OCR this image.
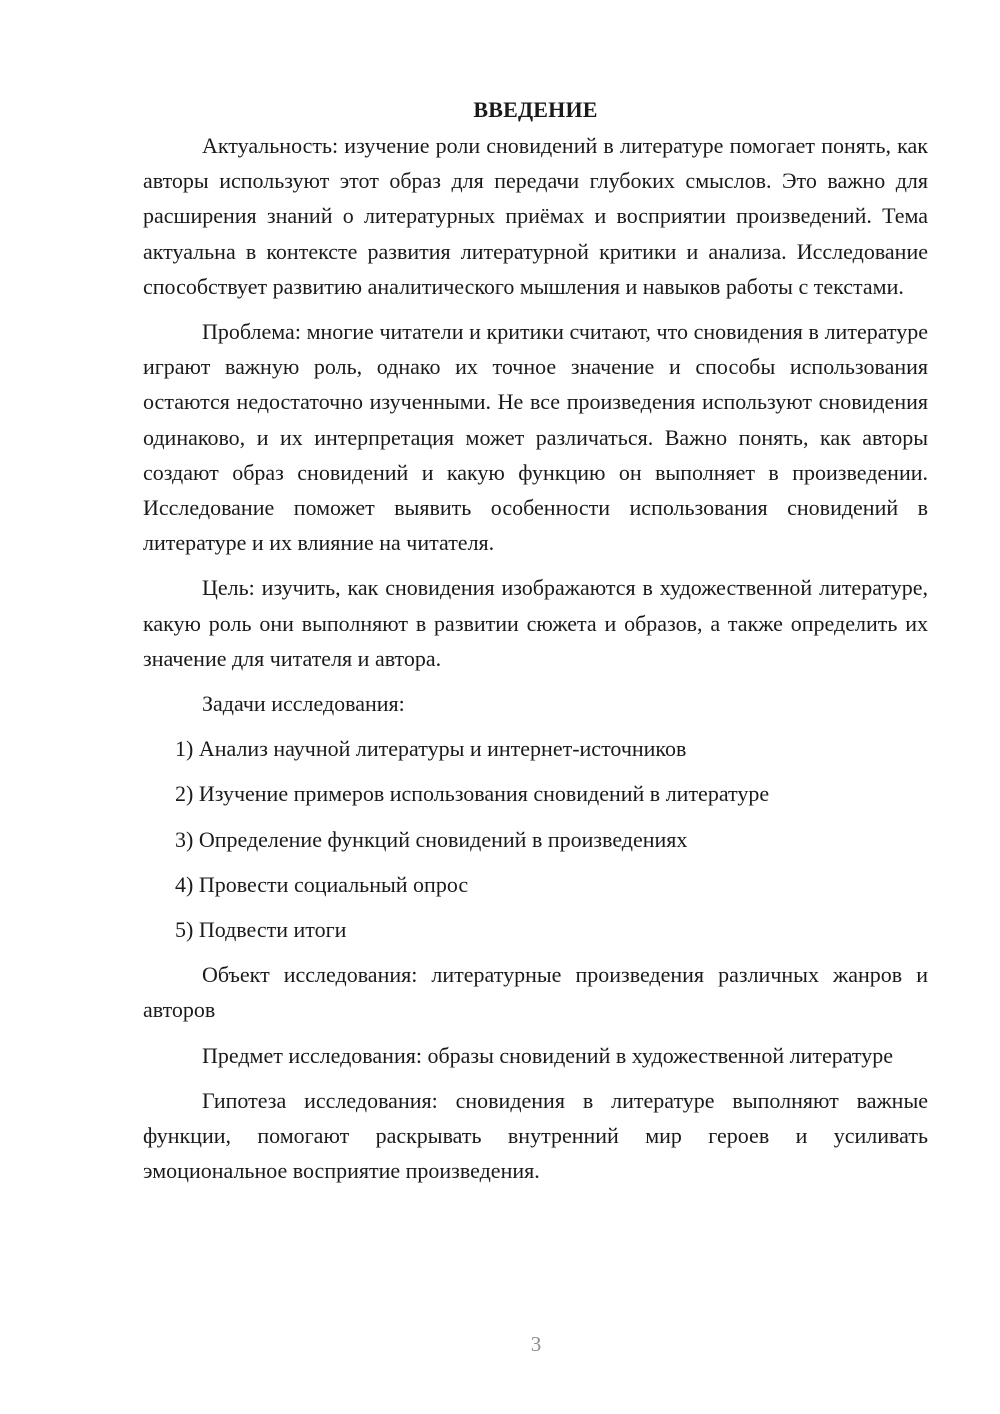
ВВЕДЕНИЕ

Актуальность: изучение роли сновидений в литературе помогает понять, как авторы используют этот образ для передачи глубоких смыслов. Это важно для расширения знаний о литературных приёмах и восприятии произведений. Тема актуальна в контексте развития литературной критики и анализа. Исследование способствует развитию аналитического мышления и навыков работы с текстами.

Проблема: многие читатели и критики считают, что сновидения в литературе играют важную роль, однако их точное значение и способы использования остаются недостаточно изученными. Не все произведения используют сновидения одинаково, и их интерпретация может различаться. Важно понять, как авторы создают образ сновидений и какую функцию он выполняет в произведении. Исследование поможет выявить особенности использования сновидений в литературе и их влияние на читателя.

Цель: изучить, как сновидения изображаются в художественной литературе, какую роль они выполняют в развитии сюжета и образов, а также определить их значение для читателя и автора.

Задачи исследования:

1) Анализ научной литературы и интернет-источников
2) Изучение примеров использования сновидений в литературе
3) Определение функций сновидений в произведениях
4) Провести социальный опрос
5) Подвести итоги

Объект исследования: литературные произведения различных жанров и авторов

Предмет исследования: образы сновидений в художественной литературе

Гипотеза исследования: сновидения в литературе выполняют важные функции, помогают раскрывать внутренний мир героев и усиливать эмоциональное восприятие произведения.

3
